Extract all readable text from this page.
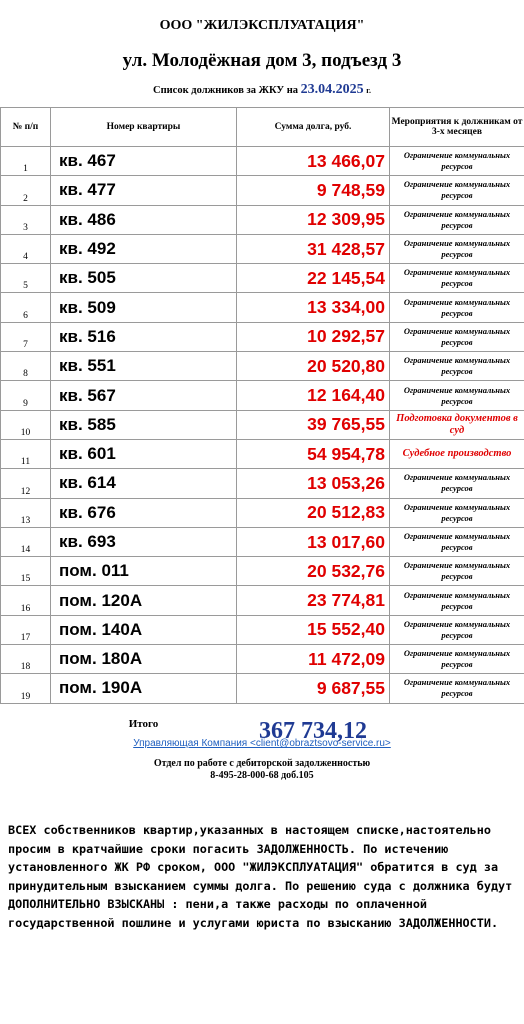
ООО "ЖИЛЭКСПЛУАТАЦИЯ"
ул. Молодёжная дом 3, подъезд 3
Список должников за ЖКУ на 23.04.2025 г.
№ п/п	Номер квартиры	Сумма долга, руб.	Мероприятия к должникам от 3-х месяцев
1	кв. 467	13 466,07	Ограничение коммунальных ресурсов
2	кв. 477	9 748,59	Ограничение коммунальных ресурсов
3	кв. 486	12 309,95	Ограничение коммунальных ресурсов
4	кв. 492	31 428,57	Ограничение коммунальных ресурсов
5	кв. 505	22 145,54	Ограничение коммунальных ресурсов
6	кв. 509	13 334,00	Ограничение коммунальных ресурсов
7	кв. 516	10 292,57	Ограничение коммунальных ресурсов
8	кв. 551	20 520,80	Ограничение коммунальных ресурсов
9	кв. 567	12 164,40	Ограничение коммунальных ресурсов
10	кв. 585	39 765,55	Подготовка документов в суд
11	кв. 601	54 954,78	Судебное производство
12	кв. 614	13 053,26	Ограничение коммунальных ресурсов
13	кв. 676	20 512,83	Ограничение коммунальных ресурсов
14	кв. 693	13 017,60	Ограничение коммунальных ресурсов
15	пом. 011	20 532,76	Ограничение коммунальных ресурсов
16	пом. 120А	23 774,81	Ограничение коммунальных ресурсов
17	пом. 140А	15 552,40	Ограничение коммунальных ресурсов
18	пом. 180А	11 472,09	Ограничение коммунальных ресурсов
19	пом. 190А	9 687,55	Ограничение коммунальных ресурсов
	Итого	367 734,12	
Управляющая Компания <client@obraztsovo-service.ru>
Отдел по работе с дебиторской задолженностью
8-495-28-000-68 доб.105
ВСЕХ собственников квартир,указанных в настоящем списке,настоятельно просим в кратчайшие сроки погасить ЗАДОЛЖЕННОСТЬ. По истечению установленного ЖК РФ сроком, ООО "ЖИЛЭКСПЛУАТАЦИЯ" обратится в суд за принудительным взысканием суммы долга. По решению суда с должника будут ДОПОЛНИТЕЛЬНО ВЗЫСКАНЫ : пени,а также расходы по оплаченной государственной пошлине и услугами юриста по взысканию ЗАДОЛЖЕННОСТИ.
